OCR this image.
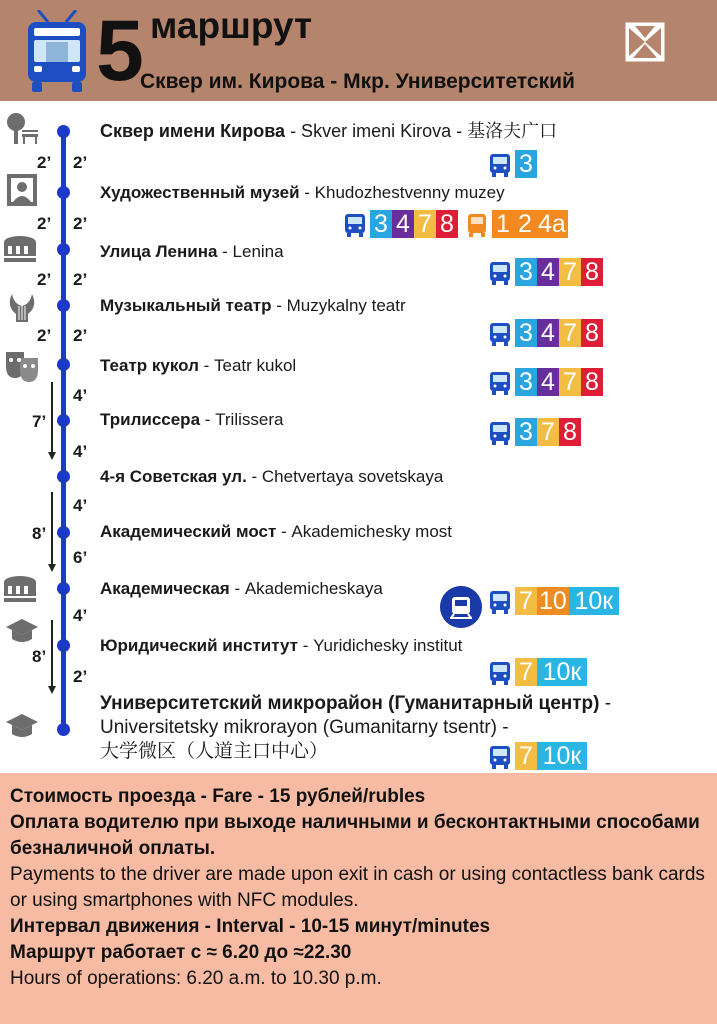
5 маршрут
Сквер им. Кирова - Мкр. Университетский
2’ 2’
2’ 2’
2’ 2’
2’ 2’
4’
4’
7’
4’
6’
8’
4’
2’
8’
Сквер имени Кирова - Skver imeni Kirova - 基洛夫广口
Художественный музей - Khudozhestvenny muzey
Улица Ленина - Lenina
Музыкальный театр - Muzykalny teatr
Театр кукол - Teatr kukol
Трилиссера - Trilissera
4-я Советская ул. - Chetvertaya sovetskaya
Академический мост - Akademichesky most
Академическая - Akademicheskaya
Юридический институт - Yuridichesky institut
Университетский микрорайон (Гуманитарный центр) -
Universitetsky mikrorayon (Gumanitarny tsentr) -
大学微区（人道主口中心）
3
3 4 7 8 1 2 4а
3 4 7 8
3 4 7 8
3 4 7 8
3 7 8
7 10 10к
7 10к
7 10к
Стоимость проезда - Fare - 15 рублей/rubles
Оплата водителю при выходе наличными и бесконтактными способами безналичной оплаты.
Payments to the driver are made upon exit in cash or using contactless bank cards or using smartphones with NFC modules.
Интервал движения - Interval - 10-15 минут/minutes
Маршрут работает с ≈ 6.20 до ≈22.30
Hours of operations: 6.20 a.m. to 10.30 p.m.
